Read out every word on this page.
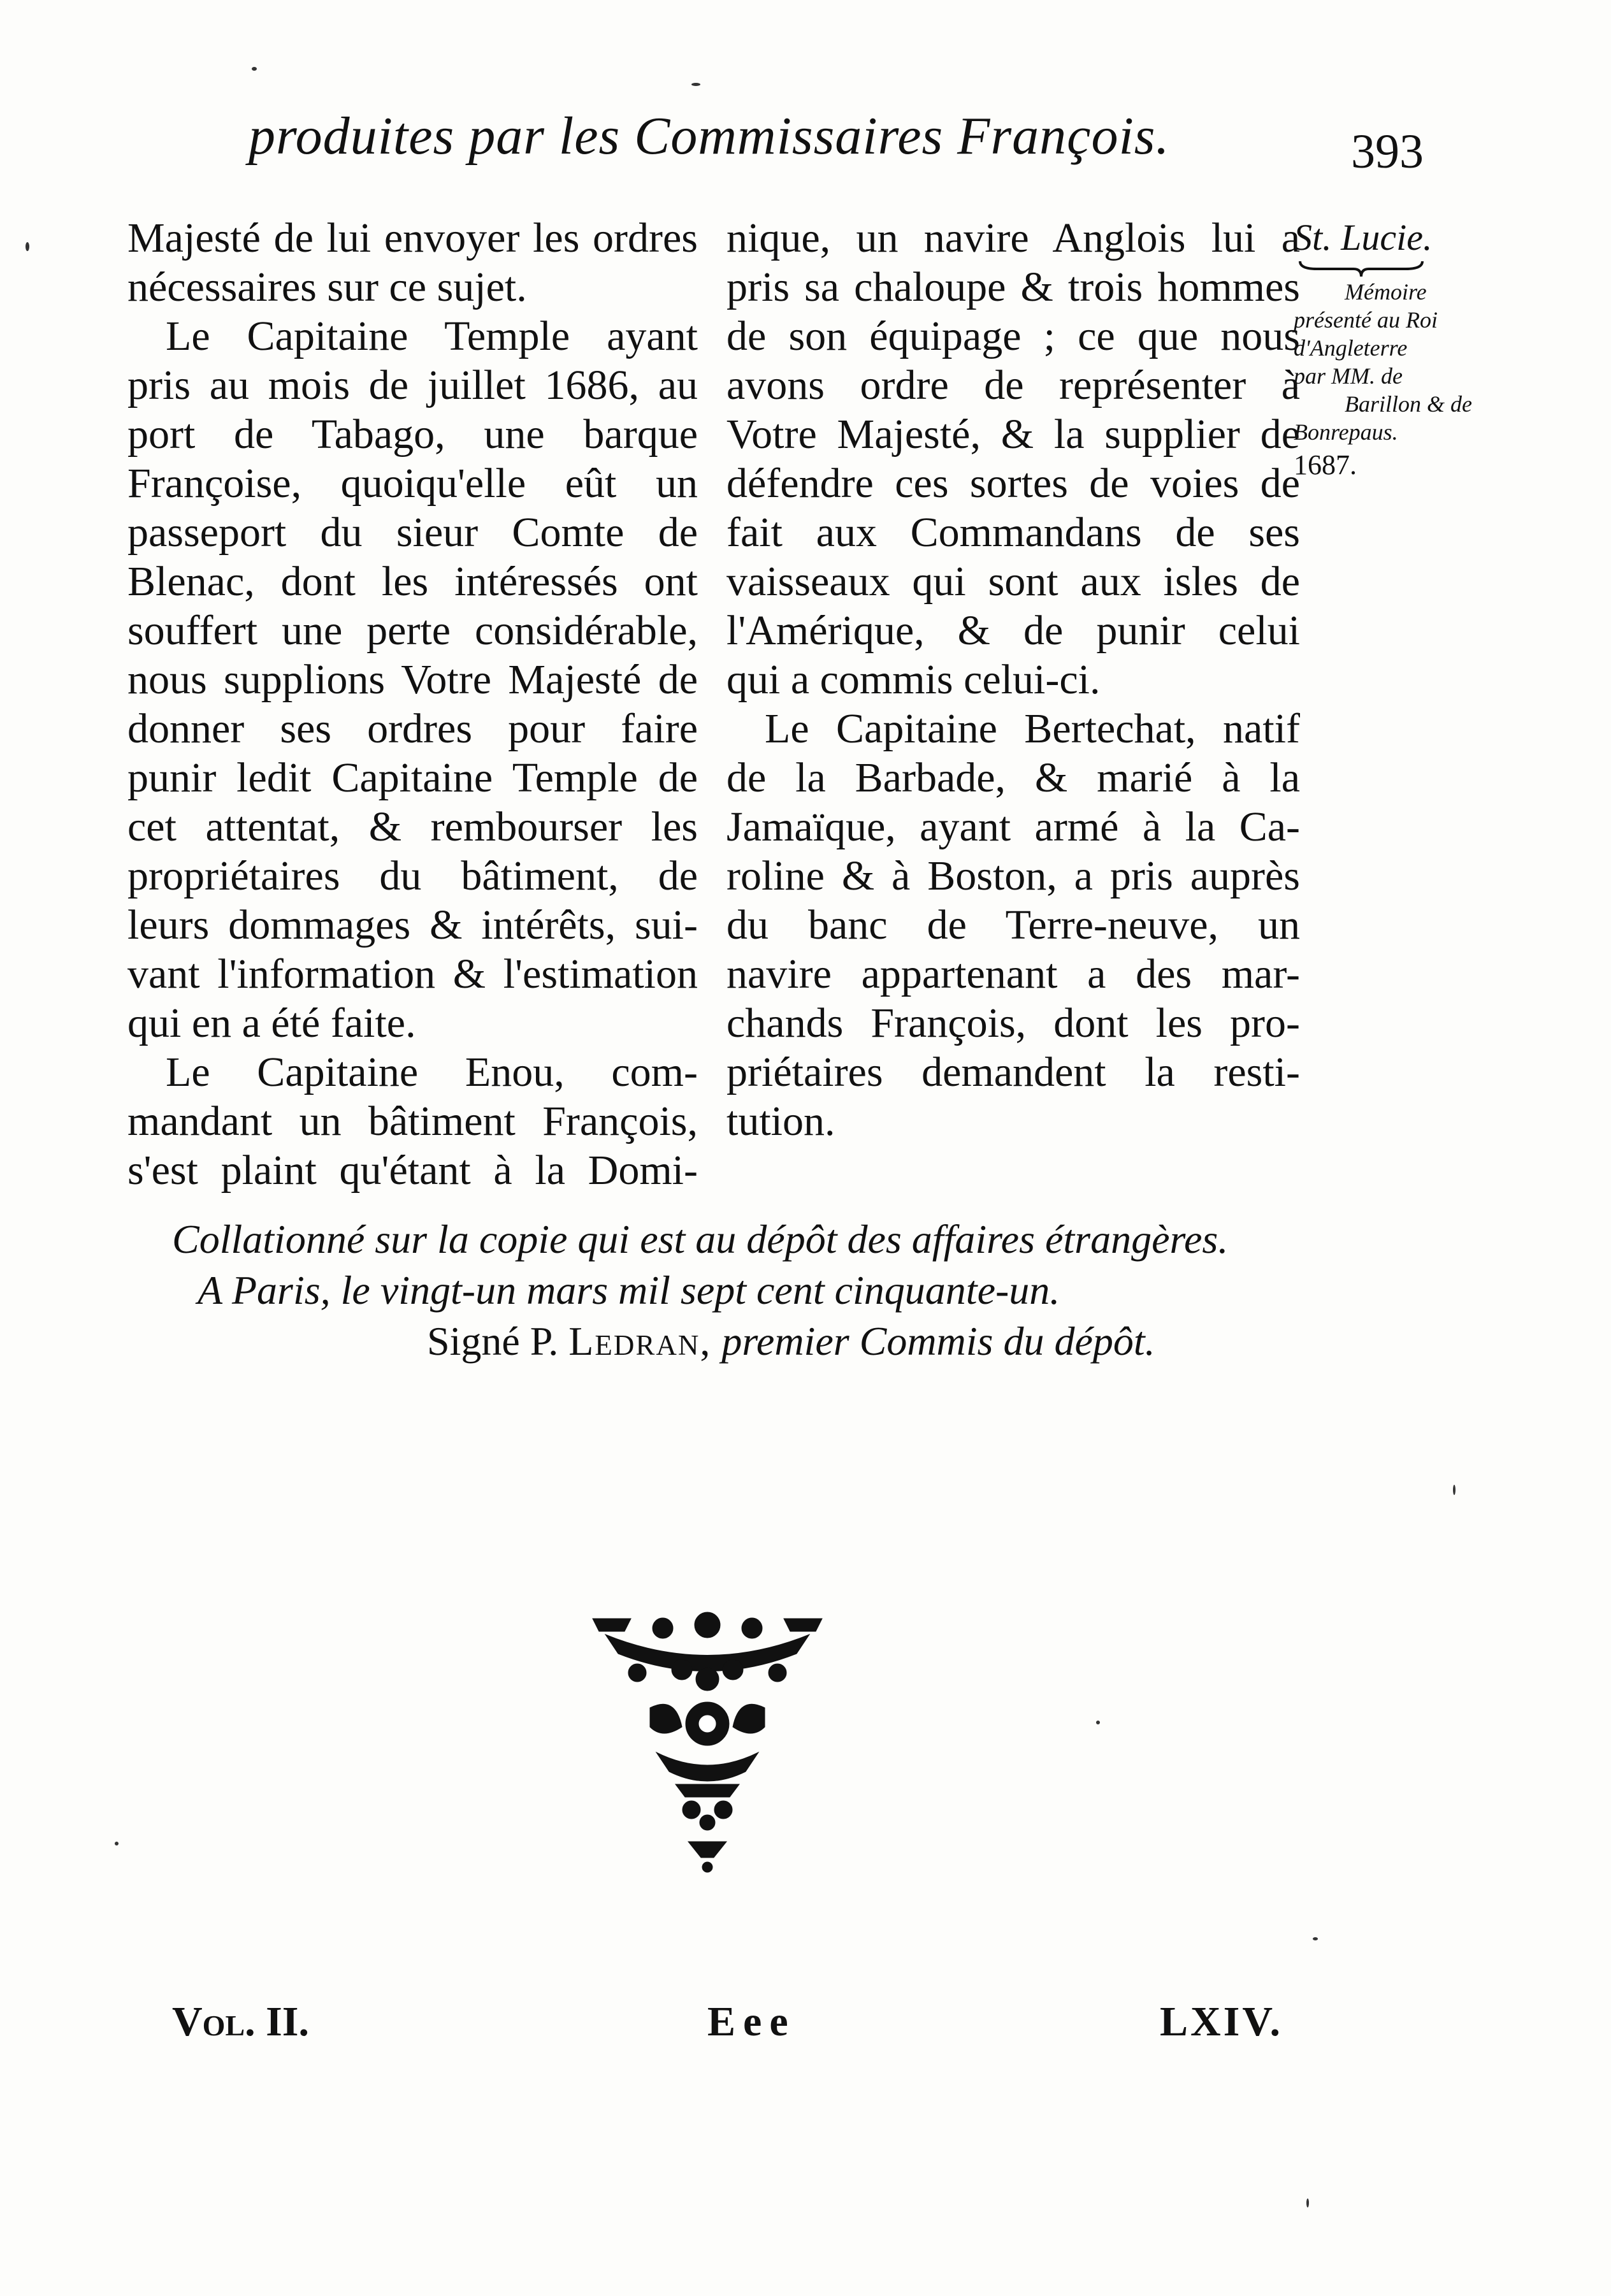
produites par les Commissaires François.	393
Majesté de lui envoyer les ordres
nécessaires sur ce sujet.
Le Capitaine Temple ayant
pris au mois de juillet 1686, au
port de Tabago, une barque
Françoise, quoiqu'elle eût un
passeport du sieur Comte de
Blenac, dont les intéressés ont
souffert une perte considérable,
nous supplions Votre Majesté de
donner ses ordres pour faire
punir ledit Capitaine Temple de
cet attentat, & rembourser les
propriétaires du bâtiment, de
leurs dommages & intérêts, sui-
vant l'information & l'estimation
qui en a été faite.
Le Capitaine Enou, com-
mandant un bâtiment François,
s'est plaint qu'étant à la Domi-
nique, un navire Anglois lui a
pris sa chaloupe & trois hommes
de son équipage ; ce que nous
avons ordre de représenter à
Votre Majesté, & la supplier de
défendre ces sortes de voies de
fait aux Commandans de ses
vaisseaux qui sont aux isles de
l'Amérique, & de punir celui
qui a commis celui-ci.
Le Capitaine Bertechat, natif
de la Barbade, & marié à la
Jamaïque, ayant armé à la Ca-
roline & à Boston, a pris auprès
du banc de Terre-neuve, un
navire appartenant a des mar-
chands François, dont les pro-
priétaires demandent la resti-
tution.
St. Lucie.
Mémoire
présenté au Roi
d'Angleterre
par MM. de
Barillon & de
Bonrepaus.
1687.
Collationné sur la copie qui est au dépôt des affaires étrangères.
A Paris, le vingt-un mars mil sept cent cinquante-un.
Signé P. Ledran, premier Commis du dépôt.
Vol. II.	Eee	LXIV.
